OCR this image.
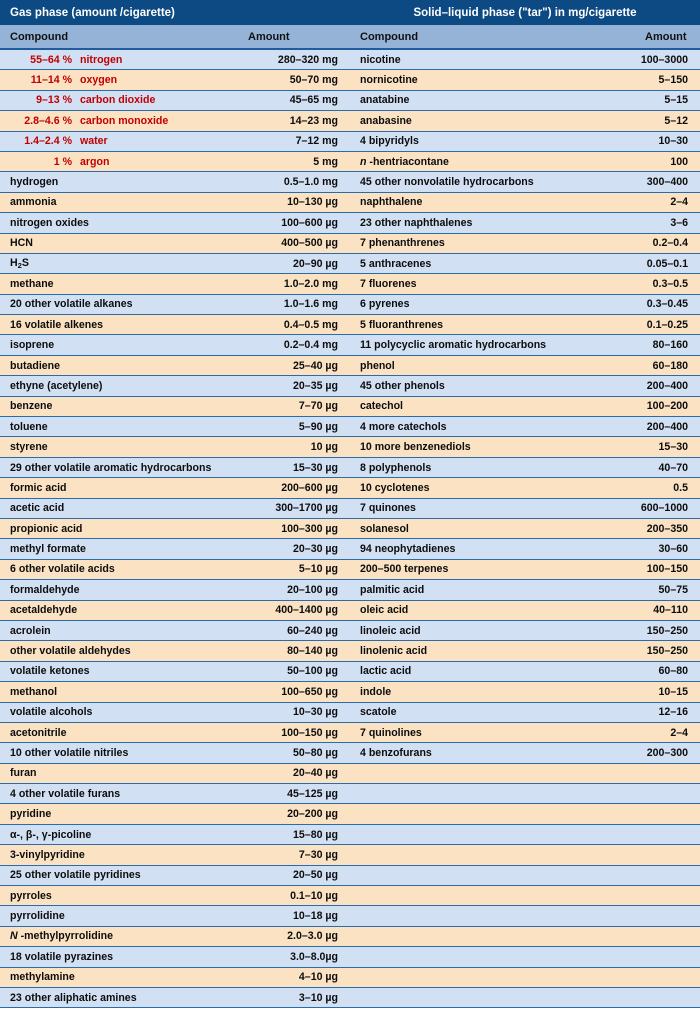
Gas phase (amount /cigarette)
Compound	Amount
55–64 % nitrogen	280–320 mg
11–14 % oxygen	50–70 mg
9–13 % carbon dioxide	45–65 mg
2.8–4.6 % carbon monoxide	14–23 mg
1.4–2.4 % water	7–12 mg
1 % argon	5 mg
hydrogen	0.5–1.0 mg
ammonia	10–130 µg
nitrogen oxides	100–600 µg
HCN	400–500 µg
$H_2S$	20–90 µg
methane	1.0–2.0 mg
20 other volatile alkanes	1.0–1.6 mg
16 volatile alkenes	0.4–0.5 mg
isoprene	0.2–0.4 mg
butadiene	25–40 µg
ethyne (acetylene)	20–35 µg
benzene	7–70 µg
toluene	5–90 µg
styrene	10 µg
29 other volatile aromatic hydrocarbons	15–30 µg
formic acid	200–600 µg
acetic acid	300–1700 µg
propionic acid	100–300 µg
methyl formate	20–30 µg
6 other volatile acids	5–10 µg
formaldehyde	20–100 µg
acetaldehyde	400–1400 µg
acrolein	60–240 µg
other volatile aldehydes	80–140 µg
volatile ketones	50–100 µg
methanol	100–650 µg
volatile alcohols	10–30 µg
acetonitrile	100–150 µg
10 other volatile nitriles	50–80 µg
furan	20–40 µg
4 other volatile furans	45–125 µg
pyridine	20–200 µg
α-, β-, γ-picoline	15–80 µg
3-vinylpyridine	7–30 µg
25 other volatile pyridines	20–50 µg
pyrroles	0.1–10 µg
pyrrolidine	10–18 µg
N -methylpyrrolidine	2.0–3.0 µg
18 volatile pyrazines	3.0–8.0µg
methylamine	4–10 µg
23 other aliphatic amines	3–10 µg
Solid–liquid phase ("tar") in mg/cigarette
Compound	Amount
nicotine	100–3000
nornicotine	5–150
anatabine	5–15
anabasine	5–12
4 bipyridyls	10–30
n -hentriacontane	100
45 other nonvolatile hydrocarbons	300–400
naphthalene	2–4
23 other naphthalenes	3–6
7 phenanthrenes	0.2–0.4
5 anthracenes	0.05–0.1
7 fluorenes	0.3–0.5
6 pyrenes	0.3–0.45
5 fluoranthrenes	0.1–0.25
11 polycyclic aromatic hydrocarbons	80–160
phenol	60–180
45 other phenols	200–400
catechol	100–200
4 more catechols	200–400
10 more benzenediols	15–30
8 polyphenols	40–70
10 cyclotenes	0.5
7 quinones	600–1000
solanesol	200–350
94 neophytadienes	30–60
200–500 terpenes	100–150
palmitic acid	50–75
oleic acid	40–110
linoleic acid	150–250
linolenic acid	150–250
lactic acid	60–80
indole	10–15
scatole	12–16
7 quinolines	2–4
4 benzofurans	200–300
